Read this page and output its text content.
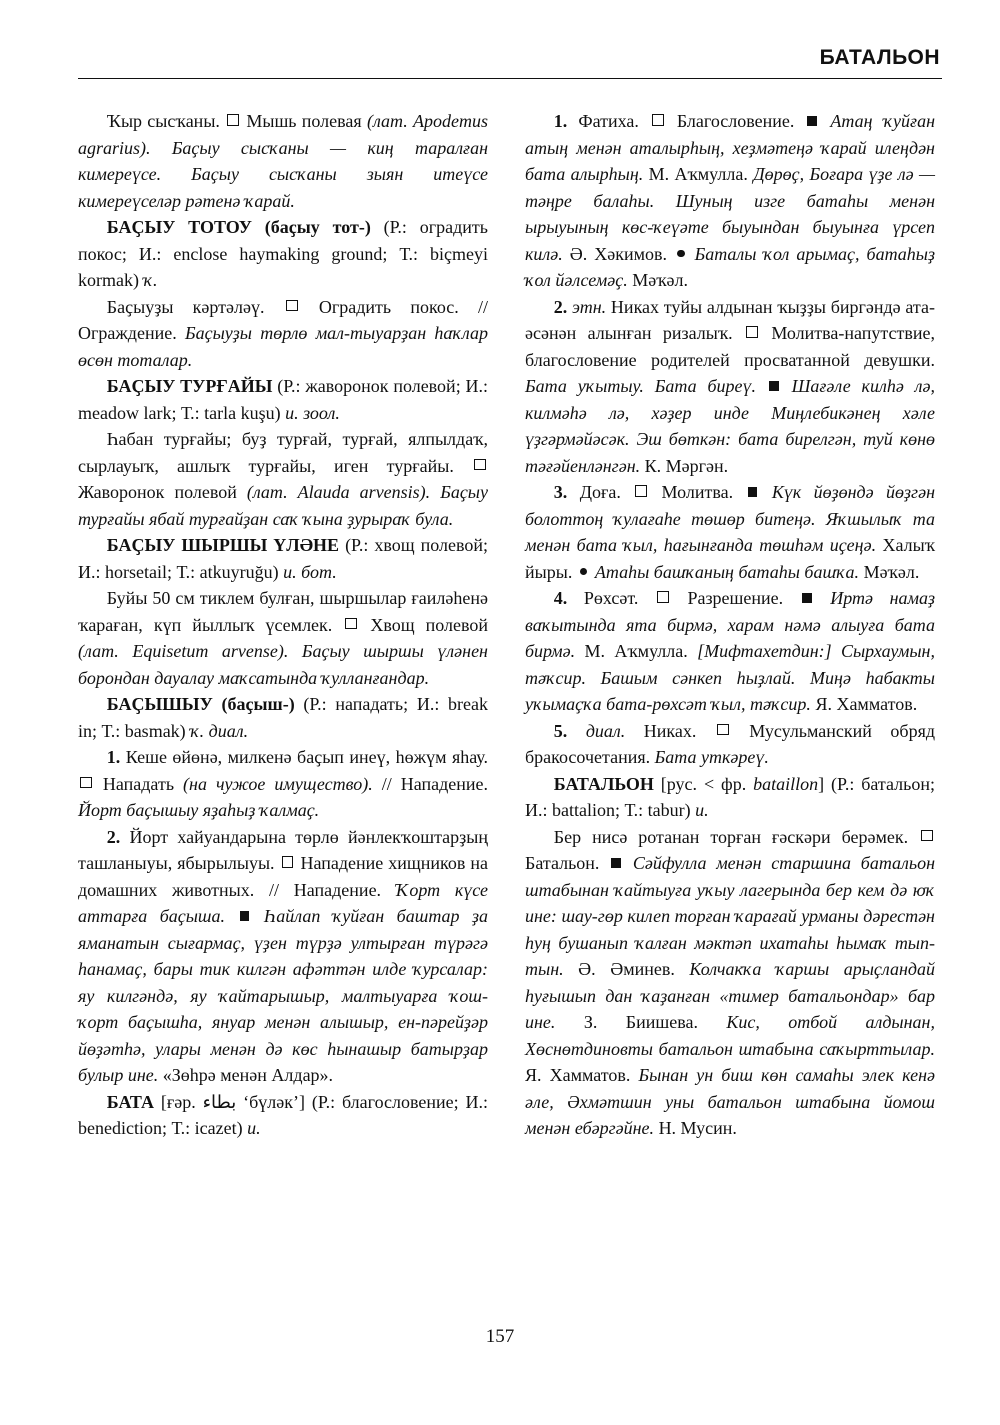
БАТАЛЬОН

Ҡыр сысҡаны.  Мышь полевая (лат. Apodemus agrarius). Баҫыу сысҡаны — киң таралған кимереүсе. Баҫыу сысҡаны зыян итеүсе кимереүселәр рәтенә ҡарай.

БАҪЫУ ТОТОУ (баҫыу тот-) (Р.: оградить покос; И.: enclose haymaking ground; Т.: biçmeyi kormak) ҡ.

Баҫыуҙы кәртәләү.  Оградить покос. // Ограждение. Баҫыуҙы төрлө мал-тыуарҙан һаҡлар өсөн тоталар.

БАҪЫУ ТУРҒАЙЫ (Р.: жаворонок полевой; И.: meadow lark; Т.: tarla kuşu) и. зоол.

Һабан турғайы; буҙ турғай, турғай, ялпылдаҡ, сырлауыҡ, ашлыҡ турғайы, иген турғайы.  Жаворонок полевой (лат. Alauda arvensis). Баҫыу турғайы ябай турғайҙан саҡ ҡына ҙурыраҡ була.

БАҪЫУ ШЫРШЫ ҮЛӘНЕ (Р.: хвощ полевой; И.: horsetail; Т.: atkuyruğu) и. бот.

Буйы 50 см тиклем булған, шыршылар ғаиләһенә ҡараған, күп йыллыҡ үсемлек.  Хвощ полевой (лат. Equisetum arvense). Баҫыу шыршы үләнен борондан дауалау маҡсатында ҡулланғандар.

БАҪЫШЫУ (баҫыш-) (Р.: нападать; И.: break in; Т.: basmak) ҡ. диал.

1. Кеше өйөнә, милкенә баҫып инеү, һөжүм яһау.  Нападать (на чужое имущество). // Нападение. Йорт баҫышыу яҙаһыҙ ҡалмаҫ.

2. Йорт хайуандарына төрлө йәнлекҡоштарҙың ташланыуы, ябырылыуы.  Нападение хищников на домашних животных. // Нападение. Ҡорт күсе аттарға баҫыша. Һайлап ҡуйған баштар ҙа яманатын сығармаҫ, үҙен түрҙә ултырған түрәгә һанамаҫ, бары тик килгән афәттән илде ҡурсалар: яу килгәндә, яу ҡайтарышыр, малтыуарға ҡош-ҡорт баҫышһа, януар менән алышыр, ен-пәрейҙәр йөҙәтһә, улары менән дә көс һынашыр батырҙар булыр ине. «Зөһрә менән Алдар».

БАТА [ғәр. بطاء ‘бүләк’] (Р.: благословение; И.: benediction; Т.: icazet) и.

1. Фатиха.  Благословение.  Атаң ҡуйған атың менән аталырһың, хеҙмәтеңә ҡарай илеңдән бата алырһың. М. Аҡмулла. Дөрөҫ, Боғара үҙе лә — тәңре балаһы. Шуның изге батаһы менән ырыуының көс-ҡеүәте быуындан быуынға үрсеп килә. Ә. Хәкимов.  Баталы ҡол арымаҫ, батаһыҙ ҡол йәлсемәҫ. Мәҡәл.

2. этн. Никах туйы алдынан ҡыҙҙы биргәндә ата-әсәнән алынған ризалыҡ.  Молитва-напутствие, благословение родителей просватанной девушки. Бата уҡытыу. Бата биреү. Шағәле килһә лә, килмәһә лә, хәҙер инде Миңлебикәнең хәле үҙгәрмәйәсәк. Эш бөткән: бата бирелгән, туй көнө тәғәйенләнгән. К. Мәргән.

3. Доға.  Молитва.  Күк йөҙөндә йөҙгән болоттоң ҡулағаһе төшөр битеңә. Яҡшылыҡ та менән бата ҡыл, һағынғанда төшһәм иҫеңә. Халыҡ йыры.  Атаһы башҡаның батаһы башҡа. Мәҡәл.

4. Рөхсәт.  Разрешение.  Иртә намаҙ ваҡытында ята бирмә, харам нәмә алыуға бата бирмә. М. Аҡмулла. [Мифтахетдин:] Сырхаумын, тәҡсир. Башым сәнкеп һыҙлай. Миңә һабакты уҡымаҫҡа бата-рөхсәт ҡыл, тәҡсир. Я. Хамматов.

5. диал. Никах.  Мусульманский обряд бракосочетания. Бата уткәреү.

БАТАЛЬОН [рус. < фр. bataillon] (Р.: батальон; И.: battalion; Т.: tabur) и.

Бер нисә ротанан торған ғәскәри берәмек.  Батальон.  Сәйфулла менән старшина батальон штабынан ҡайтыуға уҡыу лагерында бер кем дә юҡ ине: шау-гөр килеп торған ҡарағай урманы дәрестән һуң бушанып ҡалған мәктәп ихатаһы һымаҡ тып-тын. Ә. Әминев. Колчакҡа ҡаршы арыҫландай һуғышып дан ҡаҙанған «тимер батальондар» бар ине. З. Биишева. Кис, отбой алдынан, Хөснөтдиновты батальон штабына саҡырттылар. Я. Хамматов. Бынан ун биш көн самаһы элек кенә әле, Әхмәтшин уны батальон штабына йомош менән ебәргәйне. Н. Мусин.

157
